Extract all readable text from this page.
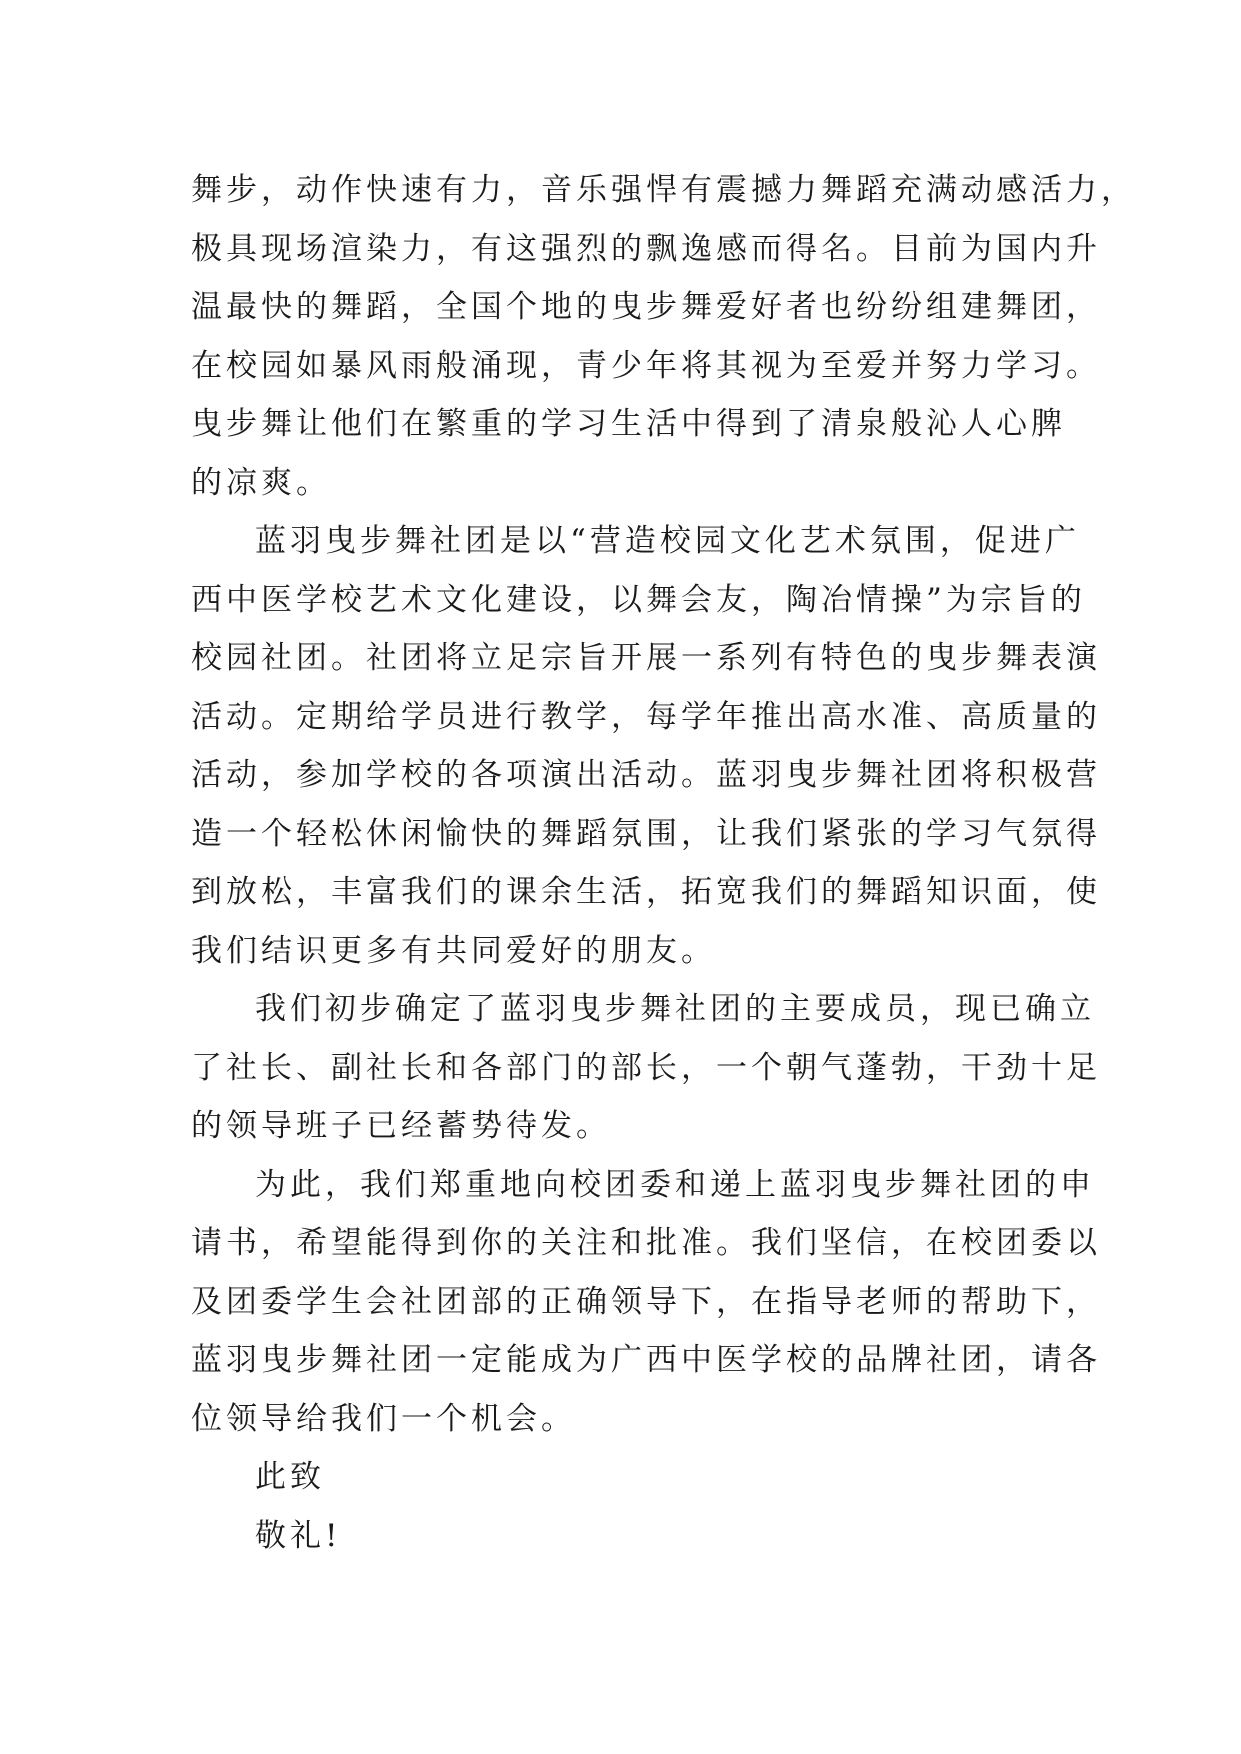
舞步，动作快速有力，音乐强悍有震撼力舞蹈充满动感活力，
极具现场渲染力，有这强烈的飘逸感而得名。目前为国内升
温最快的舞蹈，全国个地的曳步舞爱好者也纷纷组建舞团，
在校园如暴风雨般涌现，青少年将其视为至爱并努力学习。
曳步舞让他们在繁重的学习生活中得到了清泉般沁人心脾
的凉爽。
蓝羽曳步舞社团是以“营造校园文化艺术氛围，促进广
西中医学校艺术文化建设，以舞会友，陶冶情操”为宗旨的
校园社团。社团将立足宗旨开展一系列有特色的曳步舞表演
活动。定期给学员进行教学，每学年推出高水准、高质量的
活动，参加学校的各项演出活动。蓝羽曳步舞社团将积极营
造一个轻松休闲愉快的舞蹈氛围，让我们紧张的学习气氛得
到放松，丰富我们的课余生活，拓宽我们的舞蹈知识面，使
我们结识更多有共同爱好的朋友。
我们初步确定了蓝羽曳步舞社团的主要成员，现已确立
了社长、副社长和各部门的部长，一个朝气蓬勃，干劲十足
的领导班子已经蓄势待发。
为此，我们郑重地向校团委和递上蓝羽曳步舞社团的申
请书，希望能得到你的关注和批准。我们坚信，在校团委以
及团委学生会社团部的正确领导下，在指导老师的帮助下，
蓝羽曳步舞社团一定能成为广西中医学校的品牌社团，请各
位领导给我们一个机会。
此致
敬礼!
